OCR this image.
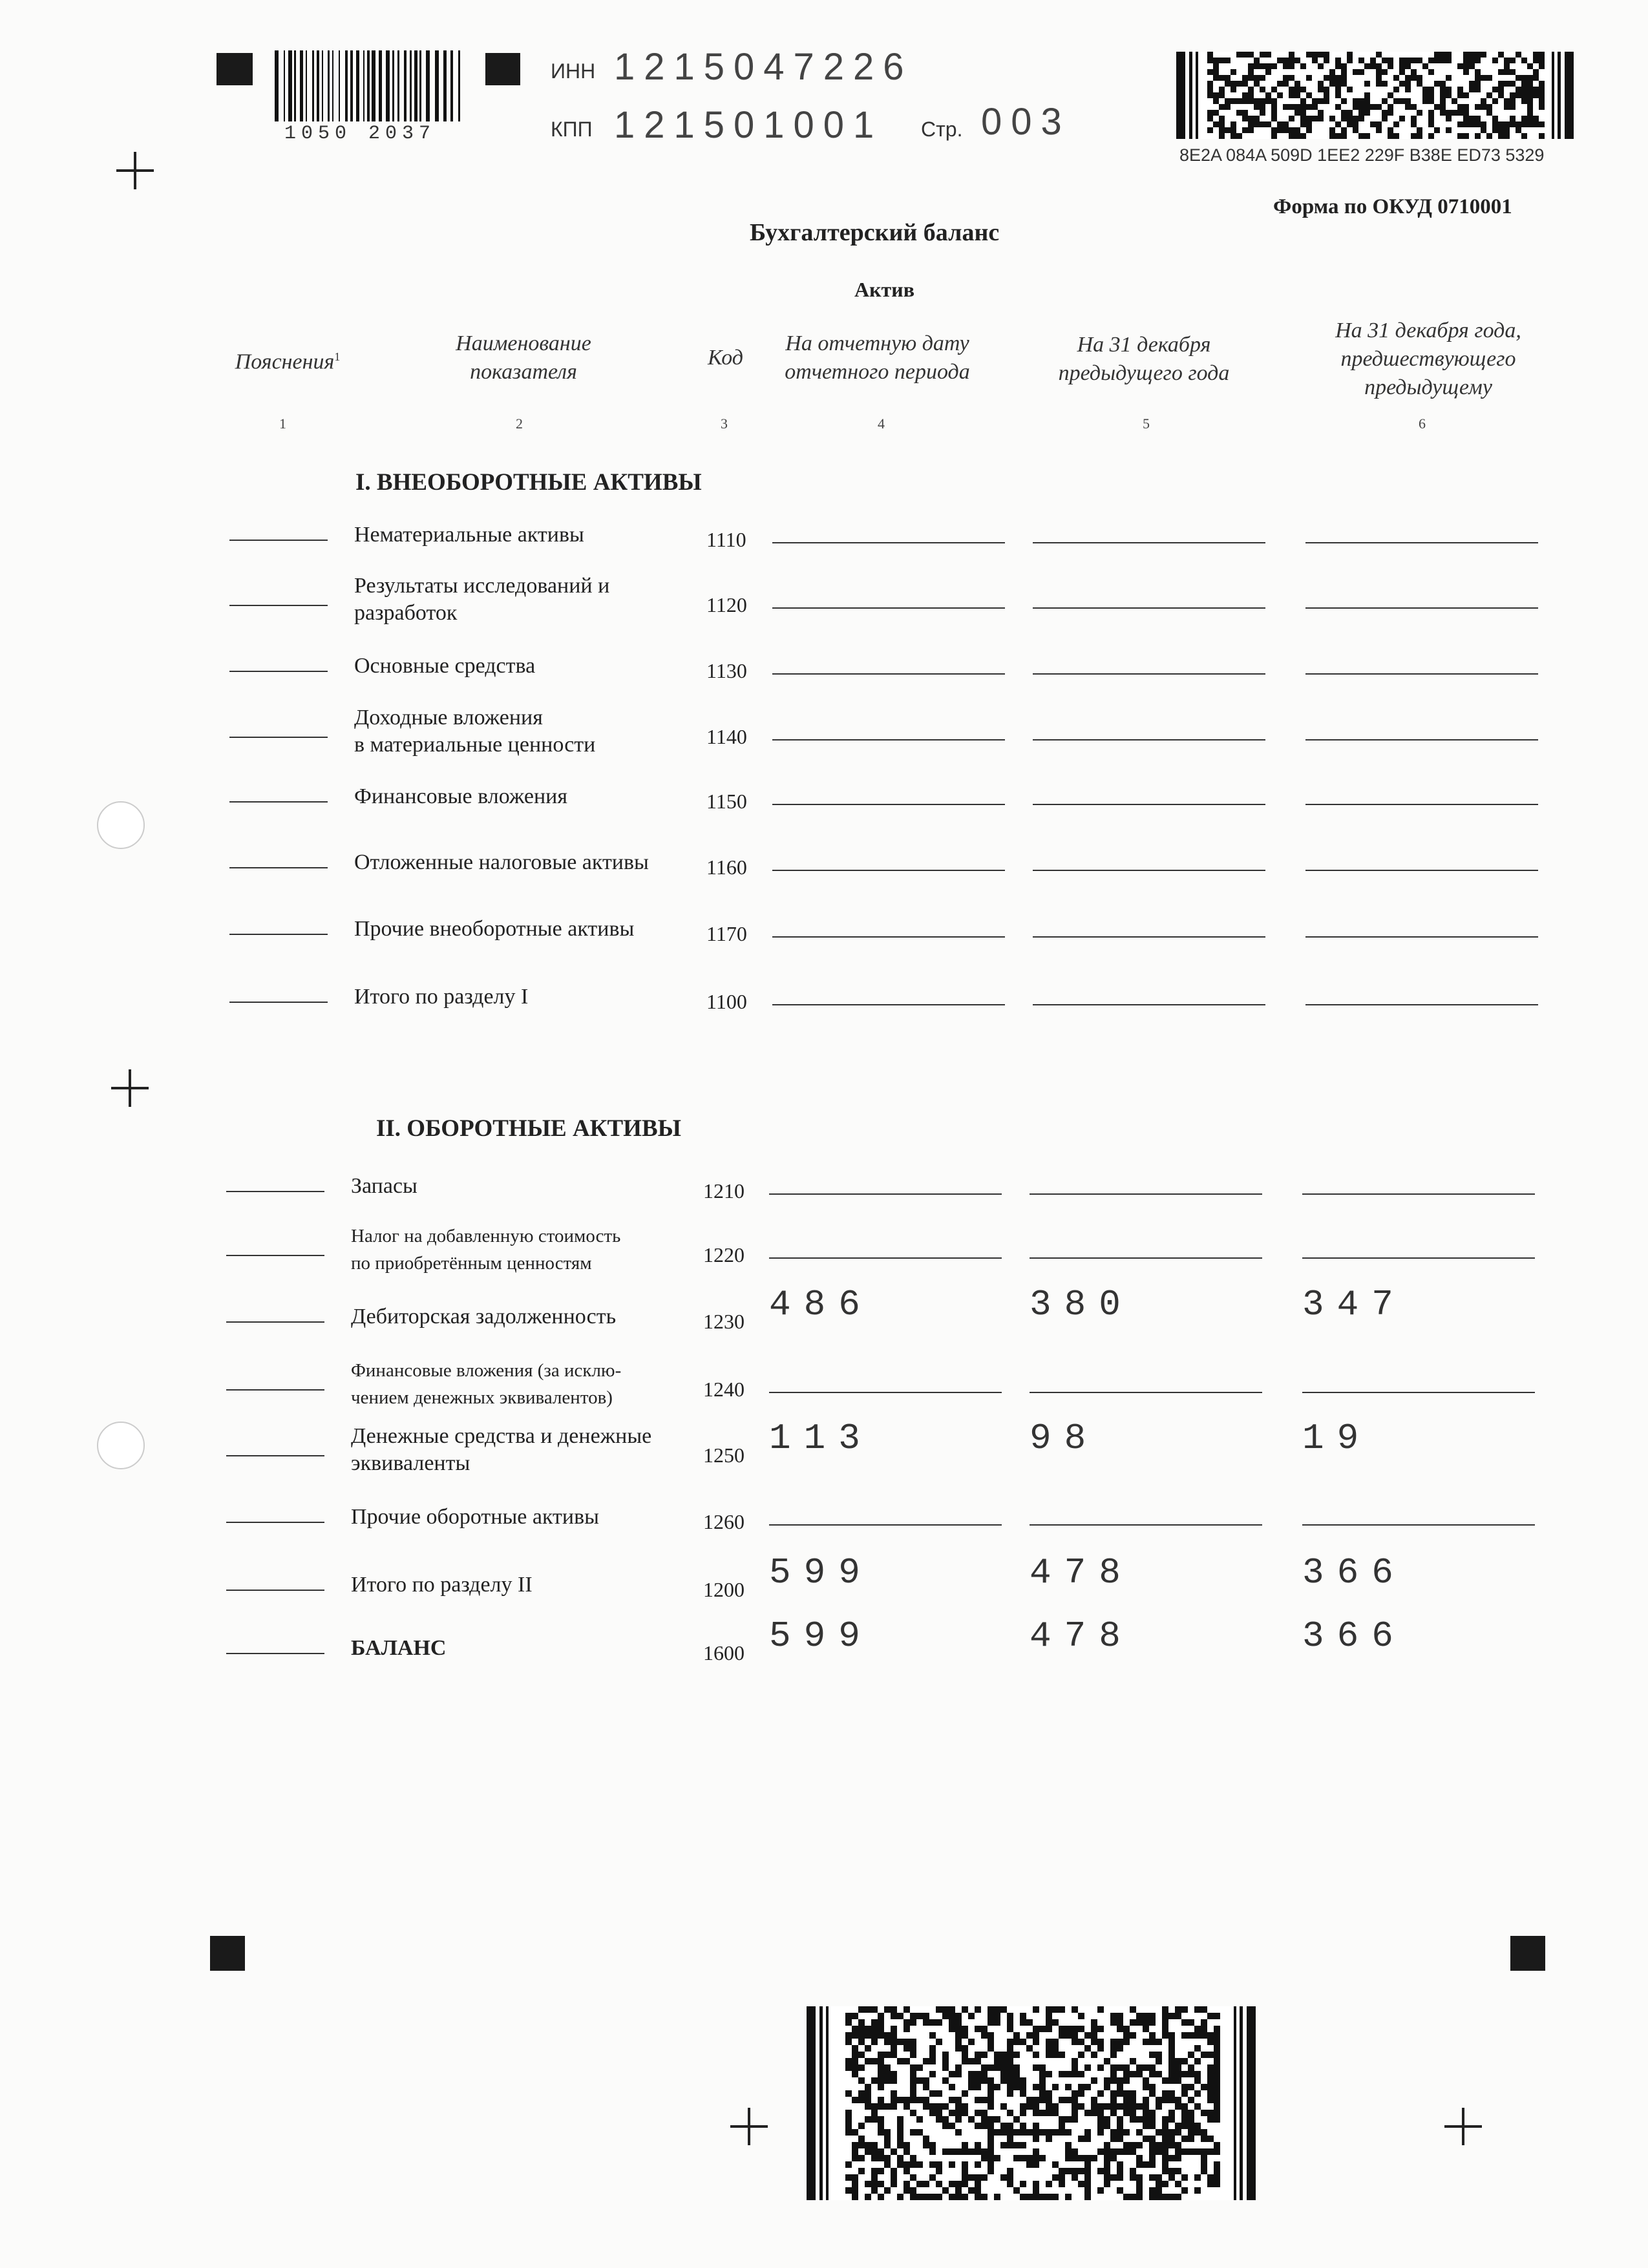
1050 2037
ИНН 1215047226
КПП 121501001 Стр. 003
8E2A 084A 509D 1EE2 229F B38E ED73 5329
Форма по ОКУД 0710001
Бухгалтерский баланс
Актив
Пояснения$^1$
Наименование
показателя
Код
На отчетную дату
отчетного периода
На 31 декабря
предыдущего года
На 31 декабря года,
предшествующего
предыдущему
1	2	3	4	5	6
I. ВНЕОБОРОТНЫЕ АКТИВЫ
Нематериальные активы	1110
Результаты исследований и
разработок	1120
Основные средства	1130
Доходные вложения
в материальные ценности	1140
Финансовые вложения	1150
Отложенные налоговые активы	1160
Прочие внеоборотные активы	1170
Итого по разделу I	1100
II. ОБОРОТНЫЕ АКТИВЫ
Запасы	1210
Налог на добавленную стоимость
по приобретённым ценностям	1220
Дебиторская задолженность	1230 486	380	347
Финансовые вложения (за исклю-
чением денежных эквивалентов)	1240
Денежные средства и денежные
эквиваленты	1250 113	98	19
Прочие оборотные активы	1260
Итого по разделу II	1200 599	478	366
БАЛАНС	1600 599	478	366
